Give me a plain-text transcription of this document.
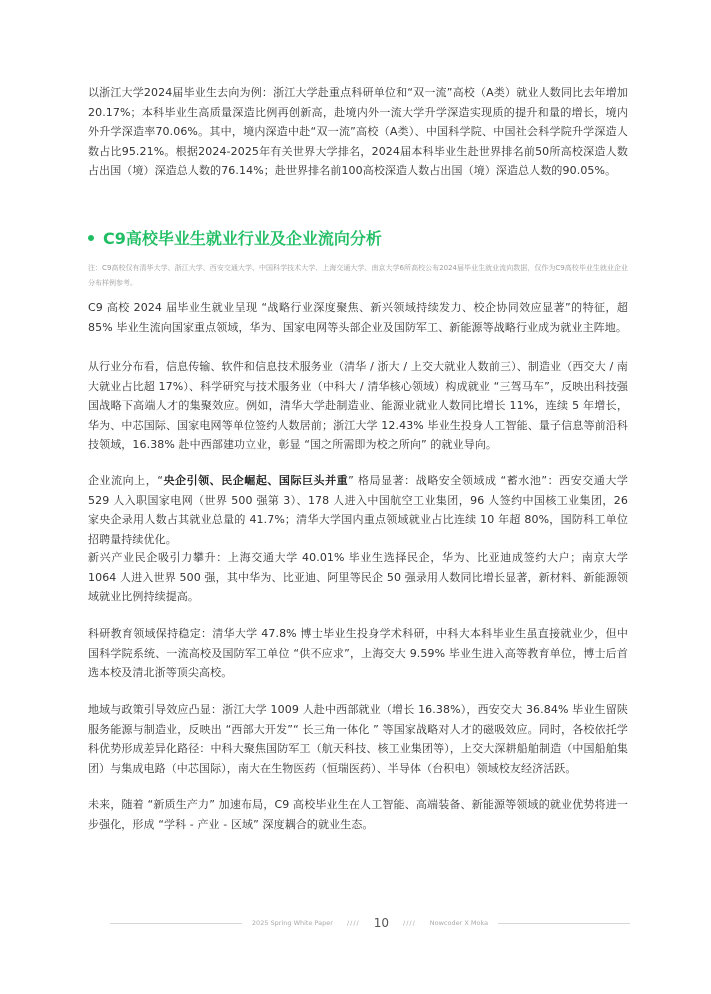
以浙江大学2024届毕业生去向为例：浙江大学赴重点科研单位和“双一流”高校（A类）就业人数同比去年增加20.17%；本科毕业生高质量深造比例再创新高，赴境内外一流大学升学深造实现质的提升和量的增长，境内外升学深造率70.06%。其中，境内深造中赴“双一流”高校（A类）、中国科学院、中国社会科学院升学深造人数占比95.21%。根据2024-2025年有关世界大学排名，2024届本科毕业生赴世界排名前50所高校深造人数占出国（境）深造总人数的76.14%；赴世界排名前100高校深造人数占出国（境）深造总人数的90.05%。

C9高校毕业生就业行业及企业流向分析

注：C9高校仅有清华大学、浙江大学、西安交通大学、中国科学技术大学、上海交通大学、南京大学6所高校公布2024届毕业生就业流向数据，仅作为C9高校毕业生就业企业分布样例参考。

C9 高校 2024 届毕业生就业呈现 “战略行业深度聚焦、新兴领域持续发力、校企协同效应显著”的特征，超 85% 毕业生流向国家重点领域，华为、国家电网等头部企业及国防军工、新能源等战略行业成为就业主阵地。

从行业分布看，信息传输、软件和信息技术服务业（清华 / 浙大 / 上交大就业人数前三）、制造业（西交大 / 南大就业占比超 17%）、科学研究与技术服务业（中科大 / 清华核心领域）构成就业 “三驾马车”，反映出科技强国战略下高端人才的集聚效应。例如，清华大学赴制造业、能源业就业人数同比增长 11%，连续 5 年增长，华为、中芯国际、国家电网等单位签约人数居前；浙江大学 12.43% 毕业生投身人工智能、量子信息等前沿科技领域，16.38% 赴中西部建功立业，彰显 “国之所需即为校之所向” 的就业导向。

企业流向上，“央企引领、民企崛起、国际巨头并重” 格局显著：战略安全领域成 “蓄水池”：西安交通大学 529 人入职国家电网（世界 500 强第 3）、178 人进入中国航空工业集团，96 人签约中国核工业集团，26 家央企录用人数占其就业总量的 41.7%；清华大学国内重点领域就业占比连续 10 年超 80%，国防科工单位招聘量持续优化。

新兴产业民企吸引力攀升：上海交通大学 40.01% 毕业生选择民企，华为、比亚迪成签约大户；南京大学 1064 人进入世界 500 强，其中华为、比亚迪、阿里等民企 50 强录用人数同比增长显著，新材料、新能源领域就业比例持续提高。

科研教育领域保持稳定：清华大学 47.8% 博士毕业生投身学术科研，中科大本科毕业生虽直接就业少，但中国科学院系统、一流高校及国防军工单位 “供不应求”，上海交大 9.59% 毕业生进入高等教育单位，博士后首选本校及清北浙等顶尖高校。

地域与政策引导效应凸显：浙江大学 1009 人赴中西部就业（增长 16.38%），西安交大 36.84% 毕业生留陕服务能源与制造业，反映出 “西部大开发”“ 长三角一体化 ” 等国家战略对人才的磁吸效应。同时，各校依托学科优势形成差异化路径：中科大聚焦国防军工（航天科技、核工业集团等），上交大深耕船舶制造（中国船舶集团）与集成电路（中芯国际），南大在生物医药（恒瑞医药）、半导体（台积电）领域校友经济活跃。

未来，随着 “新质生产力” 加速布局，C9 高校毕业生在人工智能、高端装备、新能源等领域的就业优势将进一步强化，形成 “学科 - 产业 - 区域” 深度耦合的就业生态。

2025 Spring White Paper //// 10 //// Nowcoder X Moka
